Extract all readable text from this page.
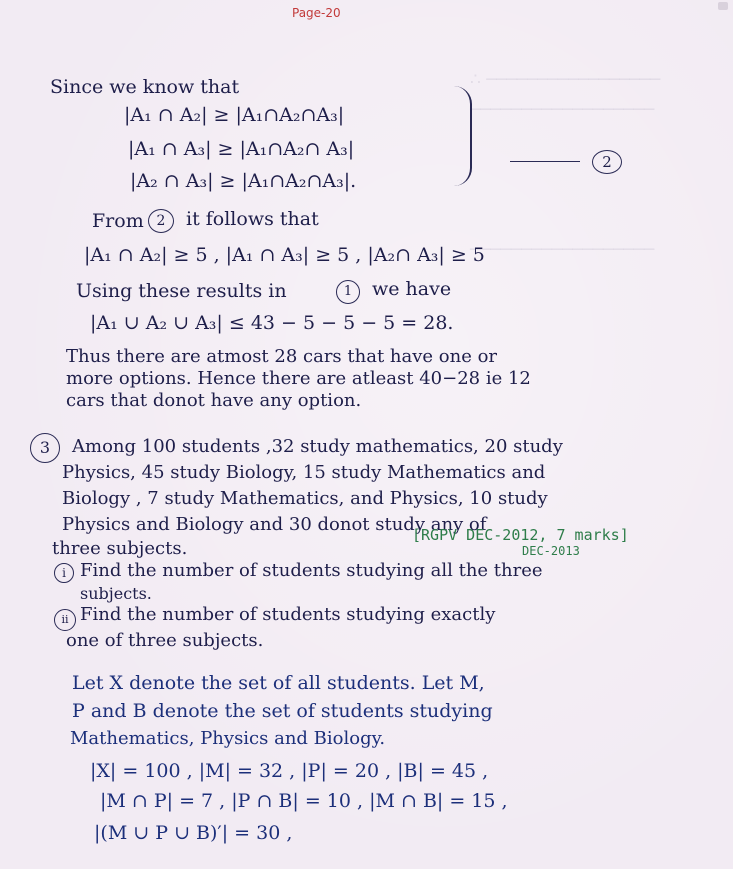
Page-20
∴ ─────────────────
──────────────────
──────────────────
Since we know that
|A₁ ∩ A₂| ≥ |A₁∩A₂∩A₃|
|A₁ ∩ A₃| ≥ |A₁∩A₂∩ A₃|
|A₂ ∩ A₃| ≥ |A₁∩A₂∩A₃|.
2
From 2	it follows that
|A₁ ∩ A₂| ≥ 5 , |A₁ ∩ A₃| ≥ 5 , |A₂∩ A₃| ≥ 5
Using these results in	1	we have
|A₁ ∪ A₂ ∪ A₃| ≤ 43 − 5 − 5 − 5 = 28.
Thus there are atmost 28 cars that have one or
more options. Hence there are atleast 40−28 ie 12
cars that donot have any option.
3	Among 100 students ,32 study mathematics, 20 study
Physics, 45 study Biology, 15 study Mathematics and
Biology , 7 study Mathematics, and Physics, 10 study
Physics and Biology and 30 donot study any of
three subjects.
[RGPV DEC-2012, 7 marks]
DEC-2013
i Find the number of students studying all the three
subjects.
ii Find the number of students studying exactly
one of three subjects.
Let X denote the set of all students. Let M,
P and B denote the set of students studying
Mathematics, Physics and Biology.
|X| = 100 , |M| = 32 , |P| = 20 , |B| = 45 ,
|M ∩ P| = 7 , |P ∩ B| = 10 , |M ∩ B| = 15 ,
|(M ∪ P ∪ B)′| = 30 ,
